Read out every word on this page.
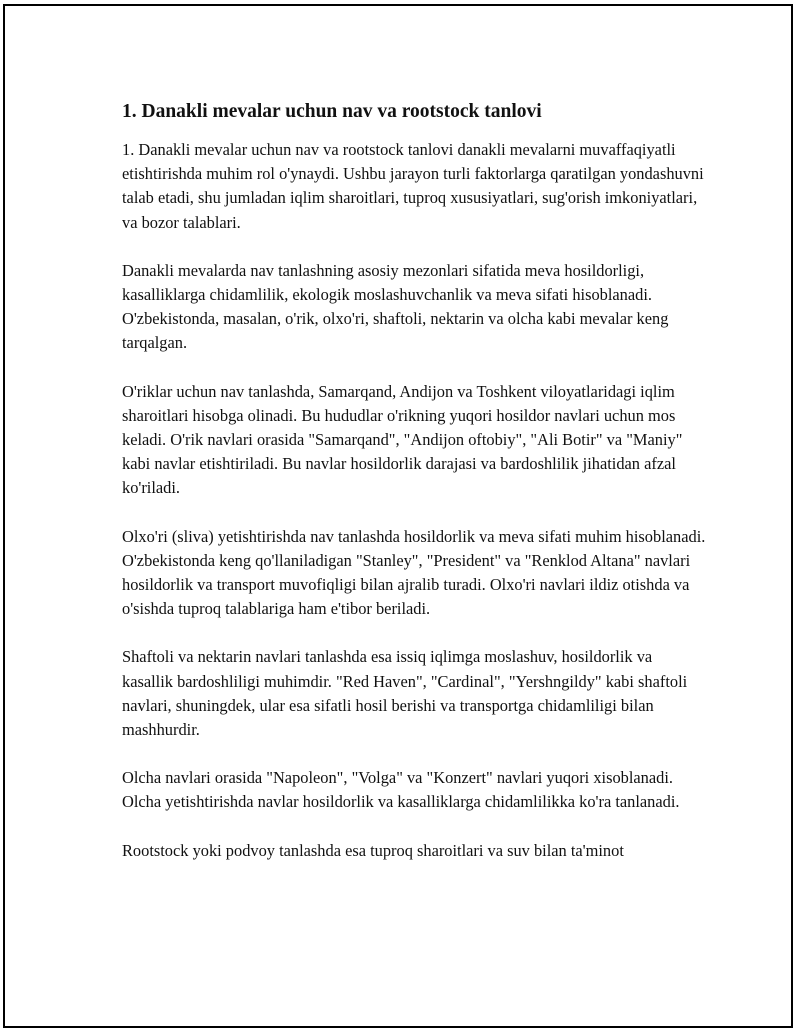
1. Danakli mevalar uchun nav va rootstock tanlovi

1. Danakli mevalar uchun nav va rootstock tanlovi danakli mevalarni muvaffaqiyatli etishtirishda muhim rol o'ynaydi. Ushbu jarayon turli faktorlarga qaratilgan yondashuvni talab etadi, shu jumladan iqlim sharoitlari, tuproq xususiyatlari, sug'orish imkoniyatlari, va bozor talablari.

Danakli mevalarda nav tanlashning asosiy mezonlari sifatida meva hosildorligi, kasalliklarga chidamlilik, ekologik moslashuvchanlik va meva sifati hisoblanadi. O'zbekistonda, masalan, o'rik, olxo'ri, shaftoli, nektarin va olcha kabi mevalar keng tarqalgan.

O'riklar uchun nav tanlashda, Samarqand, Andijon va Toshkent viloyatlaridagi iqlim sharoitlari hisobga olinadi. Bu hududlar o'rikning yuqori hosildor navlari uchun mos keladi. O'rik navlari orasida "Samarqand", "Andijon oftobiy", "Ali Botir" va "Maniy" kabi navlar etishtiriladi. Bu navlar hosildorlik darajasi va bardoshlilik jihatidan afzal ko'riladi.

Olxo'ri (sliva) yetishtirishda nav tanlashda hosildorlik va meva sifati muhim hisoblanadi. O'zbekistonda keng qo'llaniladigan "Stanley", "President" va "Renklod Altana" navlari hosildorlik va transport muvofiqligi bilan ajralib turadi. Olxo'ri navlari ildiz otishda va o'sishda tuproq talablariga ham e'tibor beriladi.

Shaftoli va nektarin navlari tanlashda esa issiq iqlimga moslashuv, hosildorlik va kasallik bardoshliligi muhimdir. "Red Haven", "Cardinal", "Yershngildy" kabi shaftoli navlari, shuningdek, ular esa sifatli hosil berishi va transportga chidamliligi bilan mashhurdir.

Olcha navlari orasida "Napoleon", "Volga" va "Konzert" navlari yuqori xisoblanadi. Olcha yetishtirishda navlar hosildorlik va kasalliklarga chidamlilikka ko'ra tanlanadi.

Rootstock yoki podvoy tanlashda esa tuproq sharoitlari va suv bilan ta'minot
